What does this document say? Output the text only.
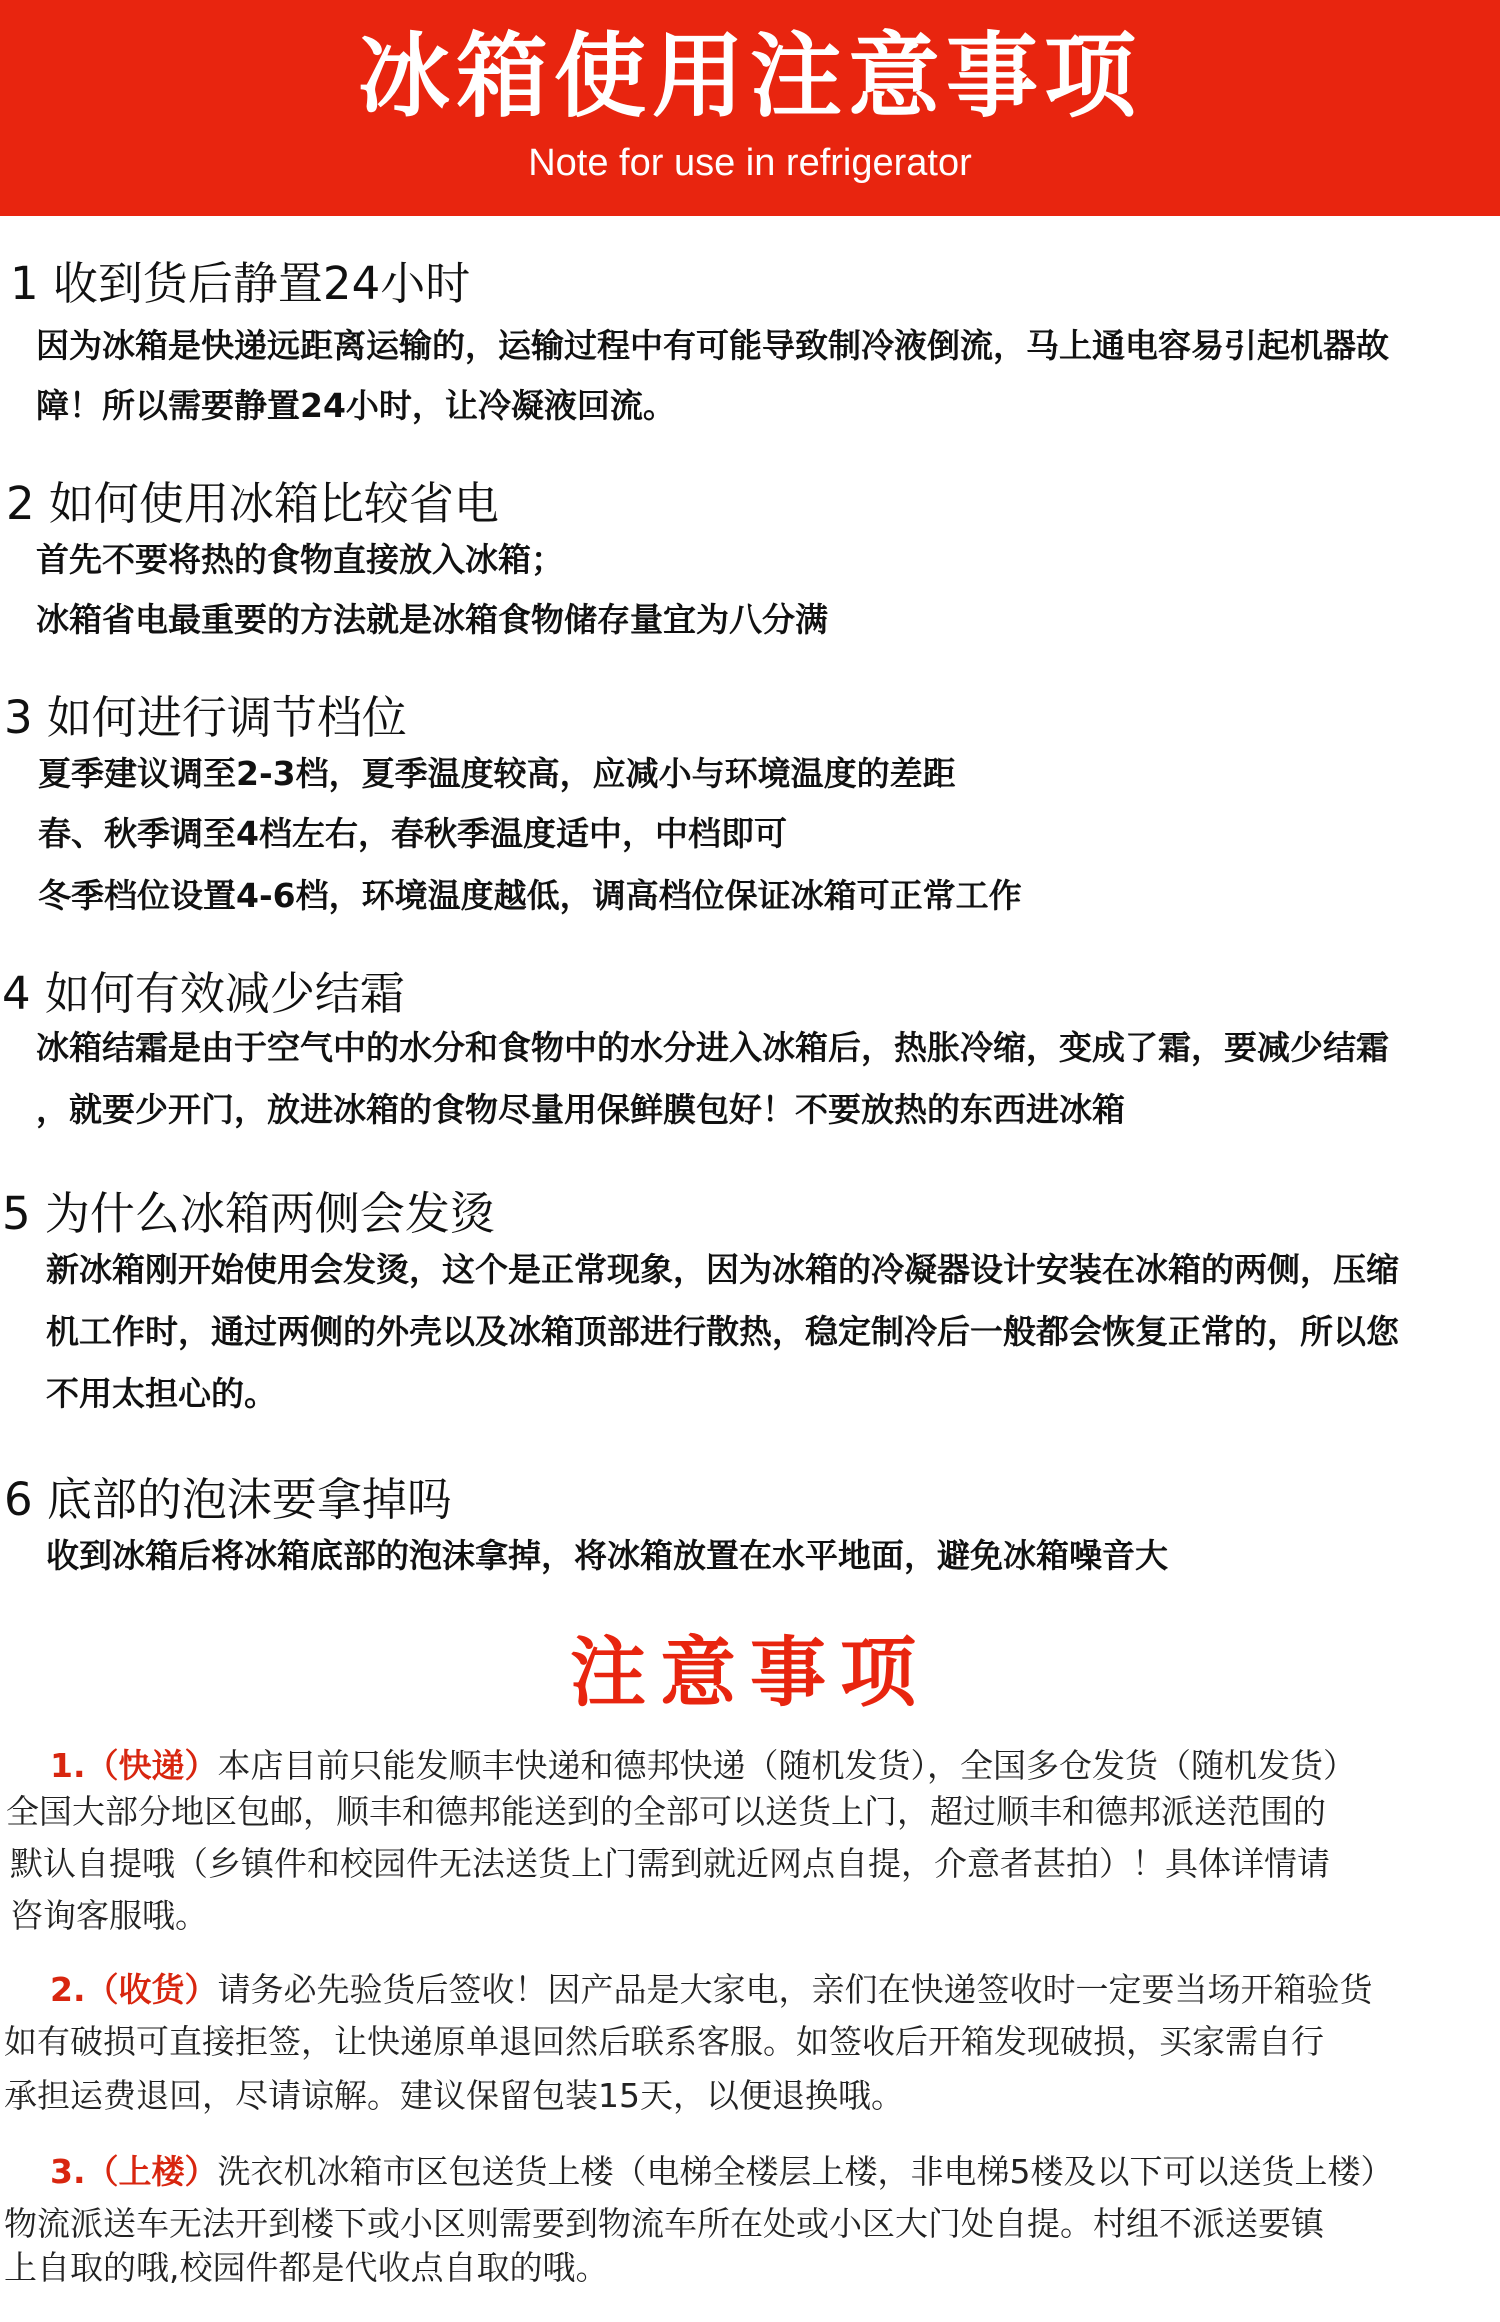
冰箱使用注意事项
Note for use in refrigerator
1 收到货后静置24小时
因为冰箱是快递远距离运输的，运输过程中有可能导致制冷液倒流，马上通电容易引起机器故
障！所以需要静置24小时，让冷凝液回流。
2 如何使用冰箱比较省电
首先不要将热的食物直接放入冰箱；
冰箱省电最重要的方法就是冰箱食物储存量宜为八分满
3 如何进行调节档位
夏季建议调至2-3档，夏季温度较高，应减小与环境温度的差距
春、秋季调至4档左右，春秋季温度适中，中档即可
冬季档位设置4-6档，环境温度越低，调高档位保证冰箱可正常工作
4 如何有效减少结霜
冰箱结霜是由于空气中的水分和食物中的水分进入冰箱后，热胀冷缩，变成了霜，要减少结霜
，就要少开门，放进冰箱的食物尽量用保鲜膜包好！不要放热的东西进冰箱
5 为什么冰箱两侧会发烫
新冰箱刚开始使用会发烫，这个是正常现象，因为冰箱的冷凝器设计安装在冰箱的两侧，压缩
机工作时，通过两侧的外壳以及冰箱顶部进行散热，稳定制冷后一般都会恢复正常的，所以您
不用太担心的。
6 底部的泡沫要拿掉吗
收到冰箱后将冰箱底部的泡沫拿掉，将冰箱放置在水平地面，避免冰箱噪音大
注意事项
1.（快递）本店目前只能发顺丰快递和德邦快递（随机发货），全国多仓发货（随机发货）
全国大部分地区包邮，顺丰和德邦能送到的全部可以送货上门，超过顺丰和德邦派送范围的
默认自提哦（乡镇件和校园件无法送货上门需到就近网点自提，介意者甚拍）！具体详情请
咨询客服哦。
2.（收货）请务必先验货后签收！因产品是大家电，亲们在快递签收时一定要当场开箱验货
如有破损可直接拒签，让快递原单退回然后联系客服。如签收后开箱发现破损，买家需自行
承担运费退回，尽请谅解。建议保留包装15天，以便退换哦。
3.（上楼）洗衣机冰箱市区包送货上楼（电梯全楼层上楼，非电梯5楼及以下可以送货上楼）
物流派送车无法开到楼下或小区则需要到物流车所在处或小区大门处自提。村组不派送要镇
上自取的哦,校园件都是代收点自取的哦。
